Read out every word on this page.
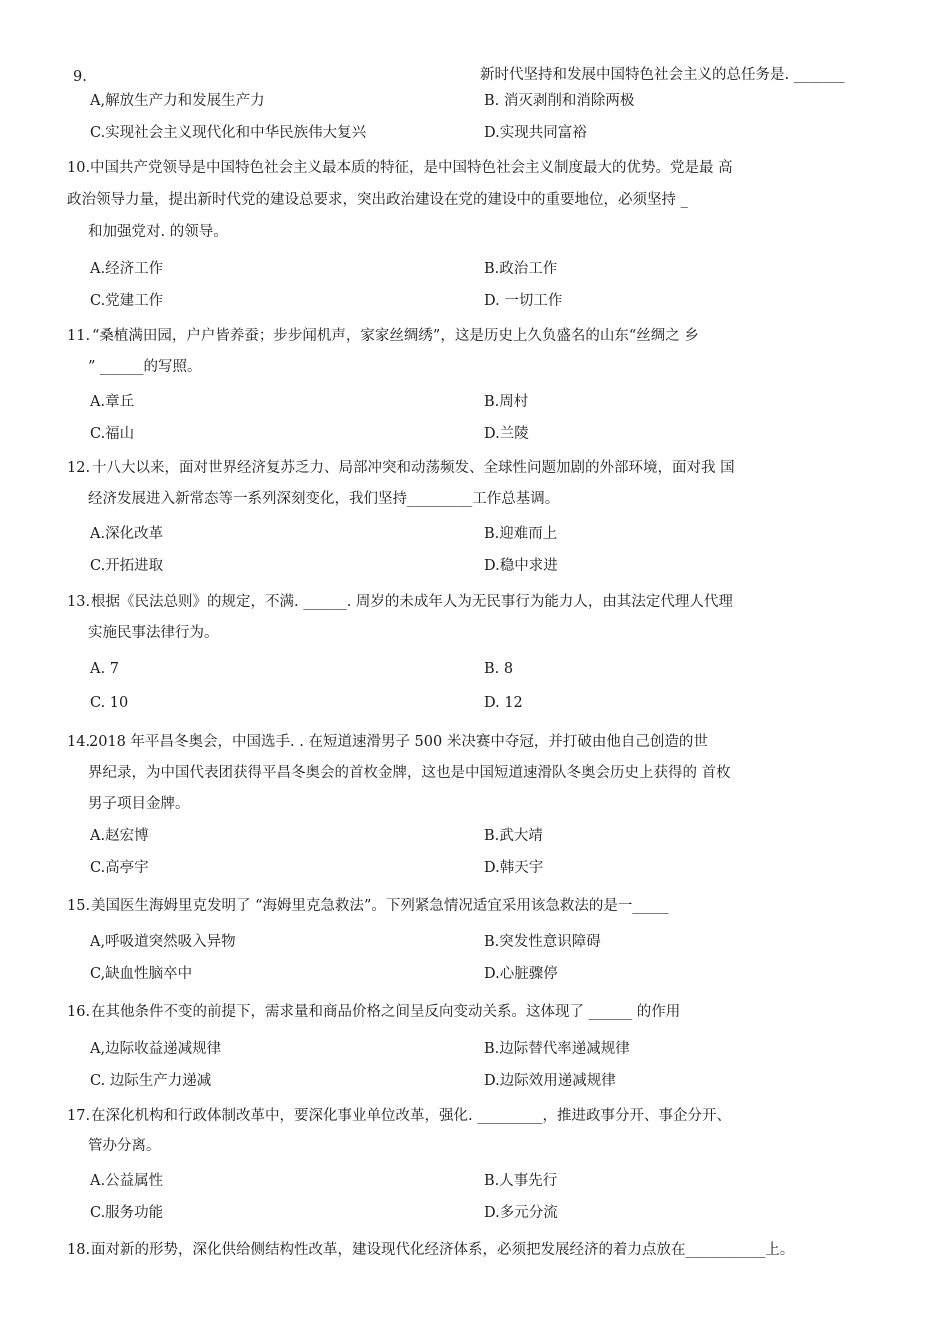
9.	新时代坚持和发展中国特色社会主义的总任务是. _______
A,解放生产力和发展生产力	B. 消灭剥削和消除两极
C.实现社会主义现代化和中华民族伟大复兴	D.实现共同富裕
10. 中国共产党领导是中国特色社会主义最本质的特征，是中国特色社会主义制度最大的优势。党是最 高
政治领导力量，提出新时代党的建设总要求，突出政治建设在党的建设中的重要地位，必须坚持 _
和加强党对. 的领导。
A.经济工作	B.政治工作
C.党建工作	D. 一切工作
11. “桑植满田园，户户皆养蚕；步步闻机声，家家丝绸绣”，这是历史上久负盛名的山东“丝绸之 乡
” ______的写照。
A.章丘	B.周村
C.福山	D.兰陵
12. 十八大以来，面对世界经济复苏乏力、局部冲突和动荡频发、全球性问题加剧的外部环境，面对我 国
经济发展进入新常态等一系列深刻变化，我们坚持_________工作总基调。
A.深化改革	B.迎难而上
C.开拓进取	D.稳中求进
13. 根据《民法总则》的规定，不满. ______. 周岁的未成年人为无民事行为能力人，由其法定代理人代理
实施民事法律行为。
A. 7	B. 8
C. 10	D. 12
14.
2018 年平昌冬奥会，中国选手. . 在短道速滑男子 500 米决赛中夺冠，并打破由他自己创造的世
界纪录，为中国代表团获得平昌冬奥会的首枚金牌，这也是中国短道速滑队冬奥会历史上获得的 首枚
男子项目金牌。
A.赵宏博	B.武大靖
C.高亭宇	D.韩天宇
15. 美国医生海姆里克发明了 “海姆里克急救法”。下列紧急情况适宜采用该急救法的是一_____
A,呼吸道突然吸入异物	B.突发性意识障碍
C,缺血性脑卒中	D.心脏骤停
16. 在其他条件不变的前提下，需求量和商品价格之间呈反向变动关系。这体现了 ______ 的作用
A,边际收益递减规律	B.边际替代率递减规律
C. 边际生产力递减	D.边际效用递减规律
17. 在深化机构和行政体制改革中，要深化事业单位改革，强化. _________，推进政事分开、事企分开、
管办分离。
A.公益属性	B.人事先行
C.服务功能	D.多元分流
18. 面对新的形势，深化供给侧结构性改革，建设现代化经济体系，必须把发展经济的着力点放在___________上。
